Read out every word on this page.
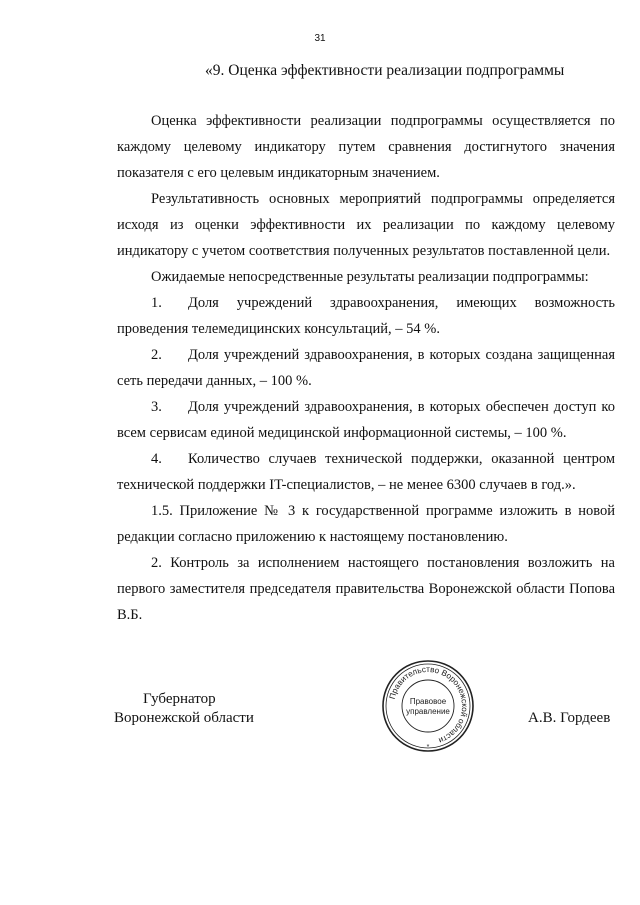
31
«9. Оценка эффективности реализации подпрограммы

Оценка эффективности реализации подпрограммы осуществляется по каждому целевому индикатору путем сравнения достигнутого значения показателя с его целевым индикаторным значением.

Результативность основных мероприятий подпрограммы определяется исходя из оценки эффективности их реализации по каждому целевому индикатору с учетом соответствия полученных результатов поставленной цели.

Ожидаемые непосредственные результаты реализации подпрограммы:

1. Доля учреждений здравоохранения, имеющих возможность проведения телемедицинских консультаций, – 54 %.

2. Доля учреждений здравоохранения, в которых создана защищенная сеть передачи данных, – 100 %.

3. Доля учреждений здравоохранения, в которых обеспечен доступ ко всем сервисам единой медицинской информационной системы, – 100 %.

4. Количество случаев технической поддержки, оказанной центром технической поддержки IT-специалистов, – не менее 6300 случаев в год.».

1.5. Приложение № 3 к государственной программе изложить в новой редакции согласно приложению к настоящему постановлению.

2. Контроль за исполнением настоящего постановления возложить на первого заместителя председателя правительства Воронежской области Попова В.Б.

Губернатор
Воронежской области	А.В. Гордеев
Правительство Воронежской области
Правовое
управление
*
